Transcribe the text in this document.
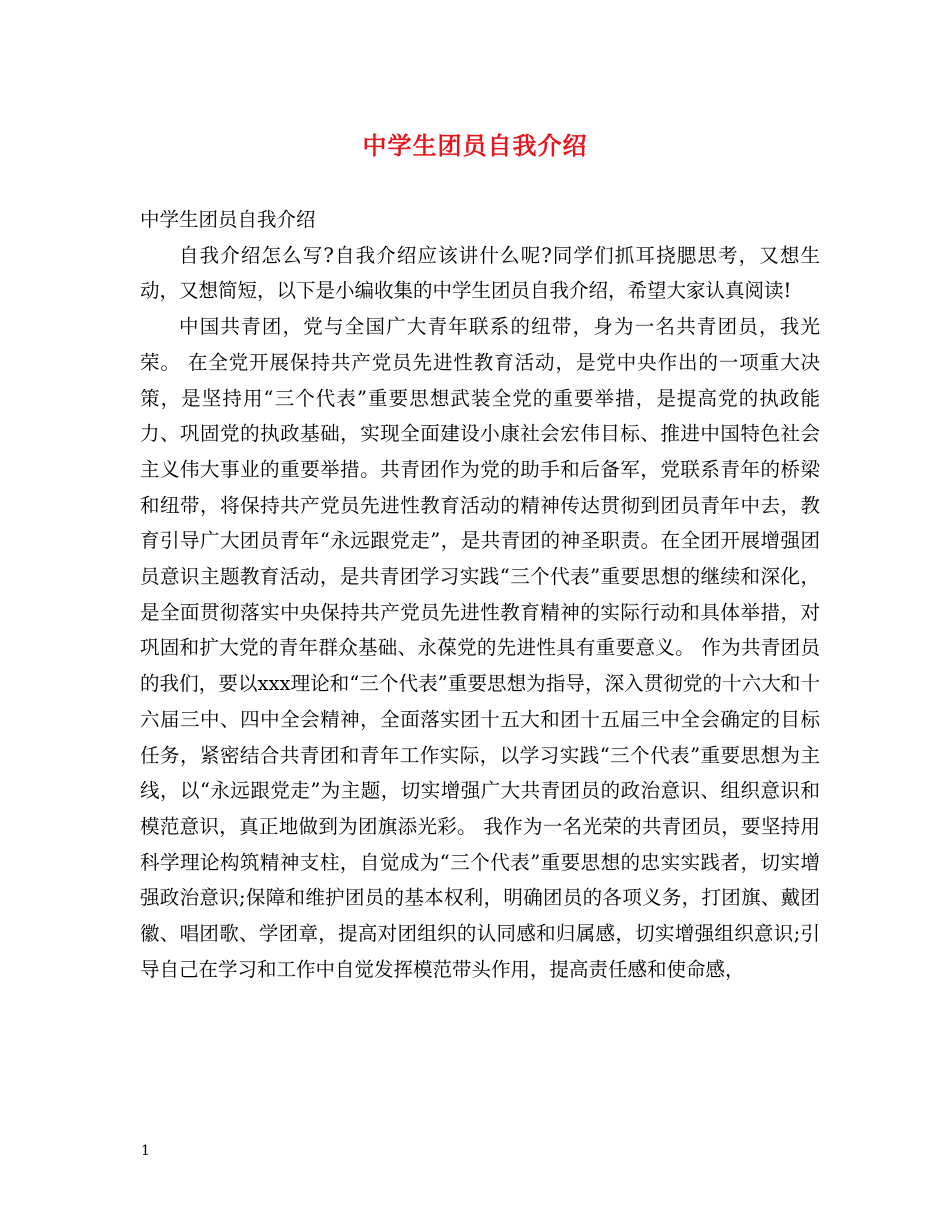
中学生团员自我介绍

中学生团员自我介绍

自我介绍怎么写?自我介绍应该讲什么呢?同学们抓耳挠腮思考，又想生动，又想简短，以下是小编收集的中学生团员自我介绍，希望大家认真阅读!

中国共青团，党与全国广大青年联系的纽带，身为一名共青团员，我光荣。 在全党开展保持共产党员先进性教育活动，是党中央作出的一项重大决策，是坚持用“三个代表”重要思想武装全党的重要举措，是提高党的执政能力、巩固党的执政基础，实现全面建设小康社会宏伟目标、推进中国特色社会主义伟大事业的重要举措。共青团作为党的助手和后备军，党联系青年的桥梁和纽带，将保持共产党员先进性教育活动的精神传达贯彻到团员青年中去，教育引导广大团员青年“永远跟党走”，是共青团的神圣职责。在全团开展增强团员意识主题教育活动，是共青团学习实践“三个代表”重要思想的继续和深化，是全面贯彻落实中央保持共产党员先进性教育精神的实际行动和具体举措，对巩固和扩大党的青年群众基础、永葆党的先进性具有重要意义。 作为共青团员的我们，要以xxx理论和“三个代表”重要思想为指导，深入贯彻党的十六大和十六届三中、四中全会精神，全面落实团十五大和团十五届三中全会确定的目标任务，紧密结合共青团和青年工作实际，以学习实践“三个代表”重要思想为主线，以“永远跟党走”为主题，切实增强广大共青团员的政治意识、组织意识和模范意识，真正地做到为团旗添光彩。 我作为一名光荣的共青团员，要坚持用科学理论构筑精神支柱，自觉成为“三个代表”重要思想的忠实实践者，切实增强政治意识;保障和维护团员的基本权利，明确团员的各项义务，打团旗、戴团徽、唱团歌、学团章，提高对团组织的认同感和归属感，切实增强组织意识;引导自己在学习和工作中自觉发挥模范带头作用，提高责任感和使命感，

1
